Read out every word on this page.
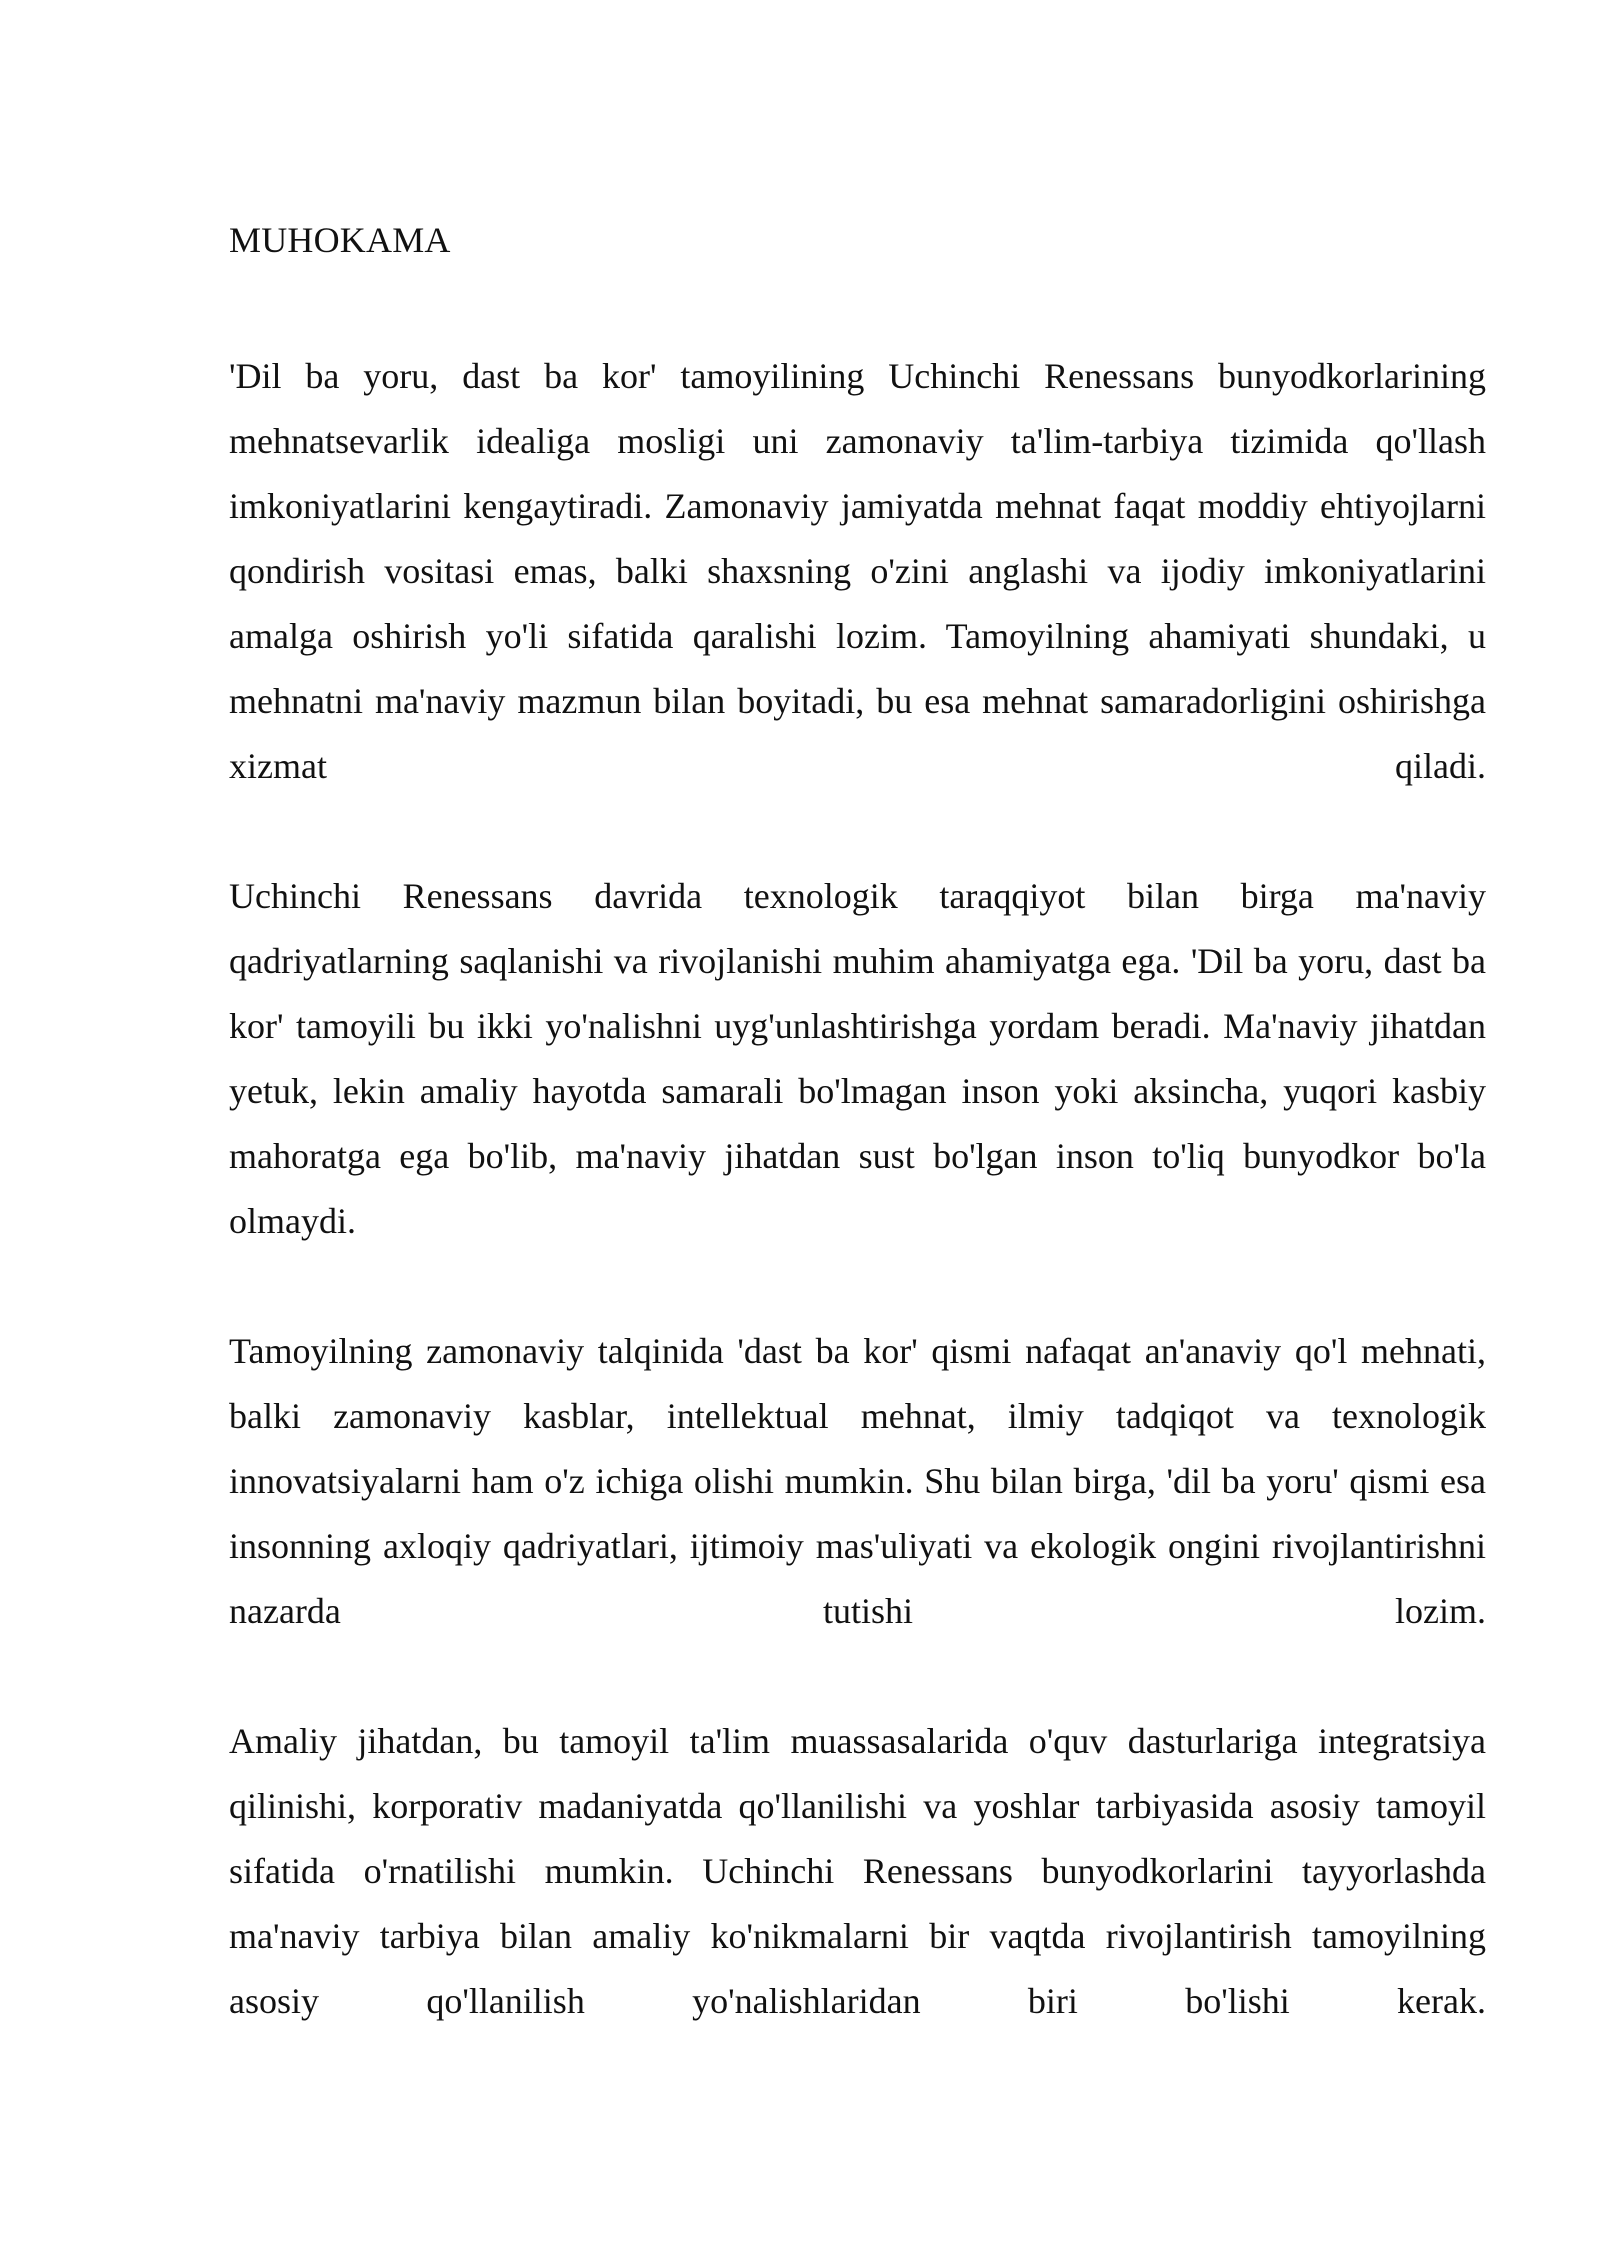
MUHOKAMA

'Dil ba yoru, dast ba kor' tamoyilining Uchinchi Renessans bunyodkorlarining mehnatsevarlik idealiga mosligi uni zamonaviy ta'lim-tarbiya tizimida qo'llash imkoniyatlarini kengaytiradi. Zamonaviy jamiyatda mehnat faqat moddiy ehtiyojlarni qondirish vositasi emas, balki shaxsning o'zini anglashi va ijodiy imkoniyatlarini amalga oshirish yo'li sifatida qaralishi lozim. Tamoyilning ahamiyati shundaki, u mehnatni ma'naviy mazmun bilan boyitadi, bu esa mehnat samaradorligini oshirishga xizmat qiladi.

Uchinchi Renessans davrida texnologik taraqqiyot bilan birga ma'naviy qadriyatlarning saqlanishi va rivojlanishi muhim ahamiyatga ega. 'Dil ba yoru, dast ba kor' tamoyili bu ikki yo'nalishni uyg'unlashtirishga yordam beradi. Ma'naviy jihatdan yetuk, lekin amaliy hayotda samarali bo'lmagan inson yoki aksincha, yuqori kasbiy mahoratga ega bo'lib, ma'naviy jihatdan sust bo'lgan inson to'liq bunyodkor bo'la olmaydi.

Tamoyilning zamonaviy talqinida 'dast ba kor' qismi nafaqat an'anaviy qo'l mehnati, balki zamonaviy kasblar, intellektual mehnat, ilmiy tadqiqot va texnologik innovatsiyalarni ham o'z ichiga olishi mumkin. Shu bilan birga, 'dil ba yoru' qismi esa insonning axloqiy qadriyatlari, ijtimoiy mas'uliyati va ekologik ongini rivojlantirishni nazarda tutishi lozim.

Amaliy jihatdan, bu tamoyil ta'lim muassasalarida o'quv dasturlariga integratsiya qilinishi, korporativ madaniyatda qo'llanilishi va yoshlar tarbiyasida asosiy tamoyil sifatida o'rnatilishi mumkin. Uchinchi Renessans bunyodkorlarini tayyorlashda ma'naviy tarbiya bilan amaliy ko'nikmalarni bir vaqtda rivojlantirish tamoyilning asosiy qo'llanilish yo'nalishlaridan biri bo'lishi kerak.
